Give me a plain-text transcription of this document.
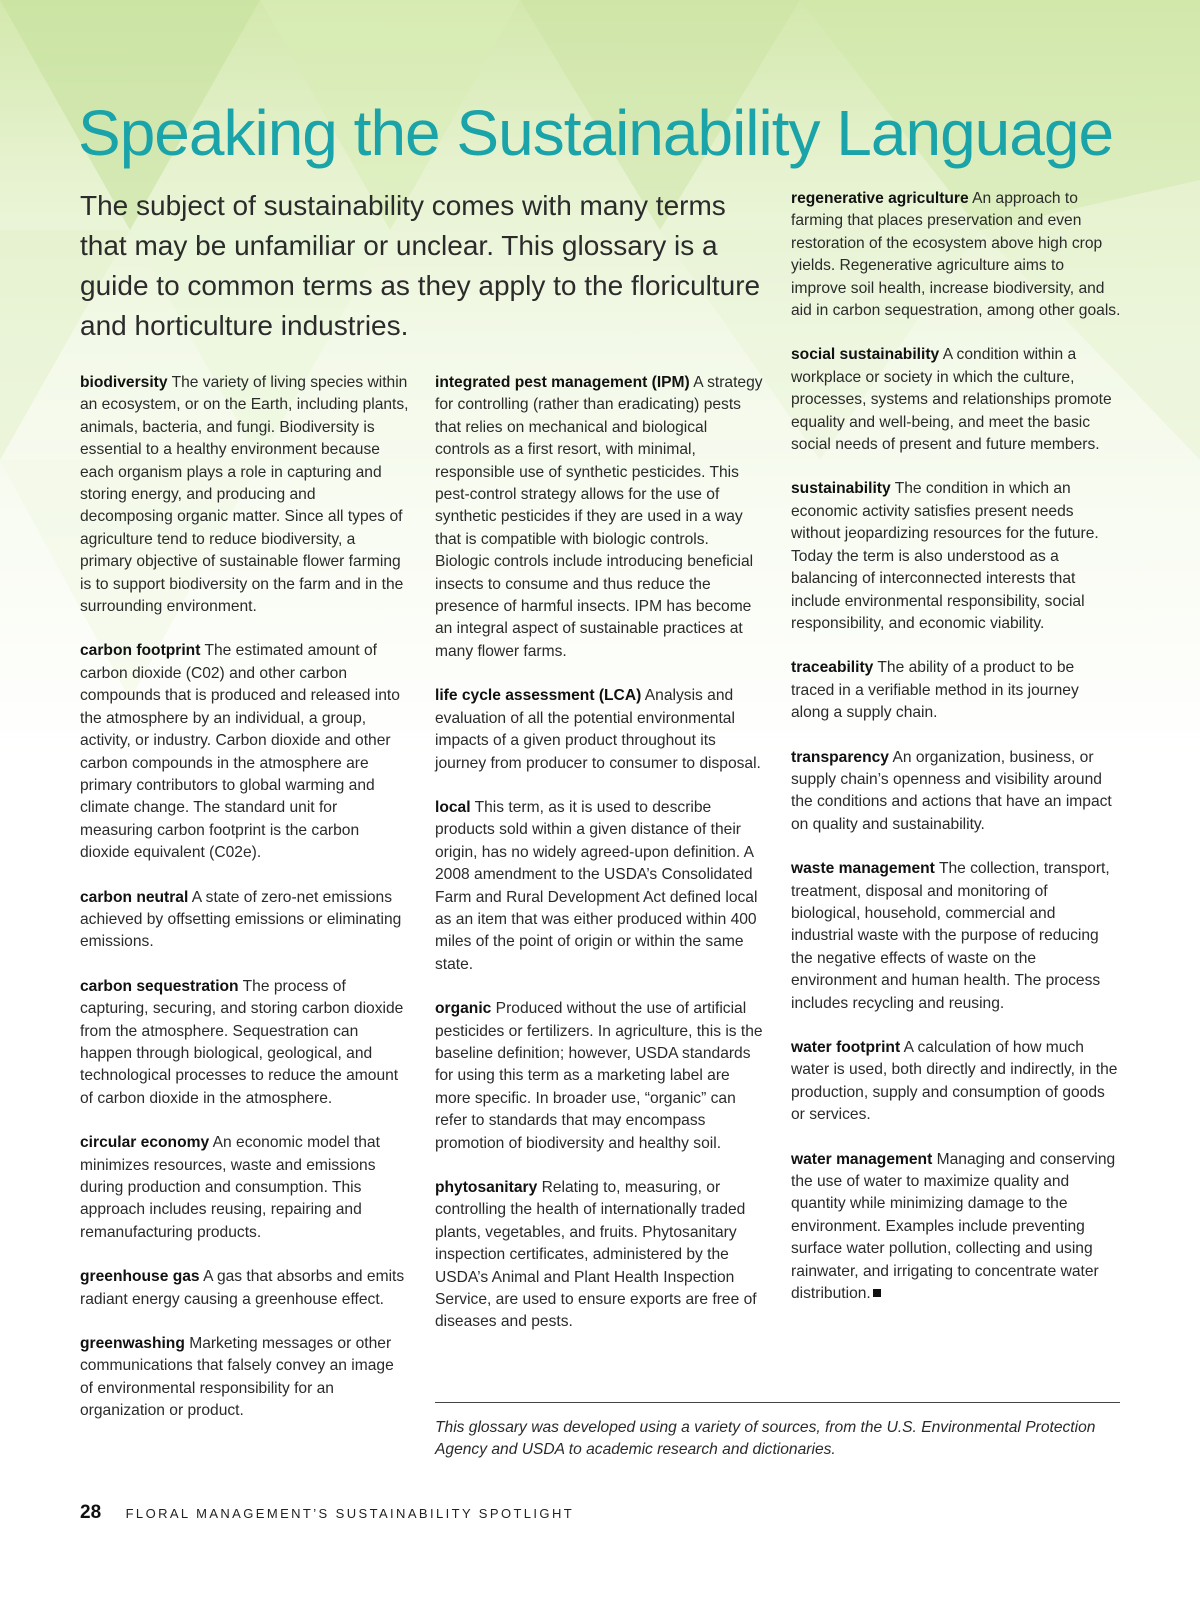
Speaking the Sustainability Language

The subject of sustainability comes with many terms that may be unfamiliar or unclear. This glossary is a guide to common terms as they apply to the floriculture and horticulture industries.

biodiversity The variety of living species within an ecosystem, or on the Earth, including plants, animals, bacteria, and fungi. Biodiversity is essential to a healthy environment because each organism plays a role in capturing and storing energy, and producing and decomposing organic matter. Since all types of agriculture tend to reduce biodiversity, a primary objective of sustainable flower farming is to support biodiversity on the farm and in the surrounding environment.

carbon footprint The estimated amount of carbon dioxide (C02) and other carbon compounds that is produced and released into the atmosphere by an individual, a group, activity, or industry. Carbon dioxide and other carbon compounds in the atmosphere are primary contributors to global warming and climate change. The standard unit for measuring carbon footprint is the carbon dioxide equivalent (C02e).

carbon neutral A state of zero-net emissions achieved by offsetting emissions or eliminating emissions.

carbon sequestration The process of capturing, securing, and storing carbon dioxide from the atmosphere. Sequestration can happen through biological, geological, and technological processes to reduce the amount of carbon dioxide in the atmosphere.

circular economy An economic model that minimizes resources, waste and emissions during production and consumption. This approach includes reusing, repairing and remanufacturing products.

greenhouse gas A gas that absorbs and emits radiant energy causing a greenhouse effect.

greenwashing Marketing messages or other communications that falsely convey an image of environmental responsibility for an organization or product.

integrated pest management (IPM) A strategy for controlling (rather than eradicating) pests that relies on mechanical and biological controls as a first resort, with minimal, responsible use of synthetic pesticides. This pest-control strategy allows for the use of synthetic pesticides if they are used in a way that is compatible with biologic controls. Biologic controls include introducing beneficial insects to consume and thus reduce the presence of harmful insects. IPM has become an integral aspect of sustainable practices at many flower farms.

life cycle assessment (LCA) Analysis and evaluation of all the potential environmental impacts of a given product throughout its journey from producer to consumer to disposal.

local This term, as it is used to describe products sold within a given distance of their origin, has no widely agreed-upon definition. A 2008 amendment to the USDA’s Consolidated Farm and Rural Development Act defined local as an item that was either produced within 400 miles of the point of origin or within the same state.

organic Produced without the use of artificial pesticides or fertilizers. In agriculture, this is the baseline definition; however, USDA standards for using this term as a marketing label are more specific. In broader use, “organic” can refer to standards that may encompass promotion of biodiversity and healthy soil.

phytosanitary Relating to, measuring, or controlling the health of internationally traded plants, vegetables, and fruits. Phytosanitary inspection certificates, administered by the USDA’s Animal and Plant Health Inspection Service, are used to ensure exports are free of diseases and pests.

regenerative agriculture An approach to farming that places preservation and even restoration of the ecosystem above high crop yields. Regenerative agriculture aims to improve soil health, increase biodiversity, and aid in carbon sequestration, among other goals.

social sustainability A condition within a workplace or society in which the culture, processes, systems and relationships promote equality and well-being, and meet the basic social needs of present and future members.

sustainability The condition in which an economic activity satisfies present needs without jeopardizing resources for the future. Today the term is also understood as a balancing of interconnected interests that include environmental responsibility, social responsibility, and economic viability.

traceability The ability of a product to be traced in a verifiable method in its journey along a supply chain.

transparency An organization, business, or supply chain’s openness and visibility around the conditions and actions that have an impact on quality and sustainability.

waste management The collection, transport, treatment, disposal and monitoring of biological, household, commercial and industrial waste with the purpose of reducing the negative effects of waste on the environment and human health. The process includes recycling and reusing.

water footprint A calculation of how much water is used, both directly and indirectly, in the production, supply and consumption of goods or services.

water management Managing and conserving the use of water to maximize quality and quantity while minimizing damage to the environment. Examples include preventing surface water pollution, collecting and using rainwater, and irrigating to concentrate water distribution.

This glossary was developed using a variety of sources, from the U.S. Environmental Protection Agency and USDA to academic research and dictionaries.

28 FLORAL MANAGEMENT’S SUSTAINABILITY SPOTLIGHT
